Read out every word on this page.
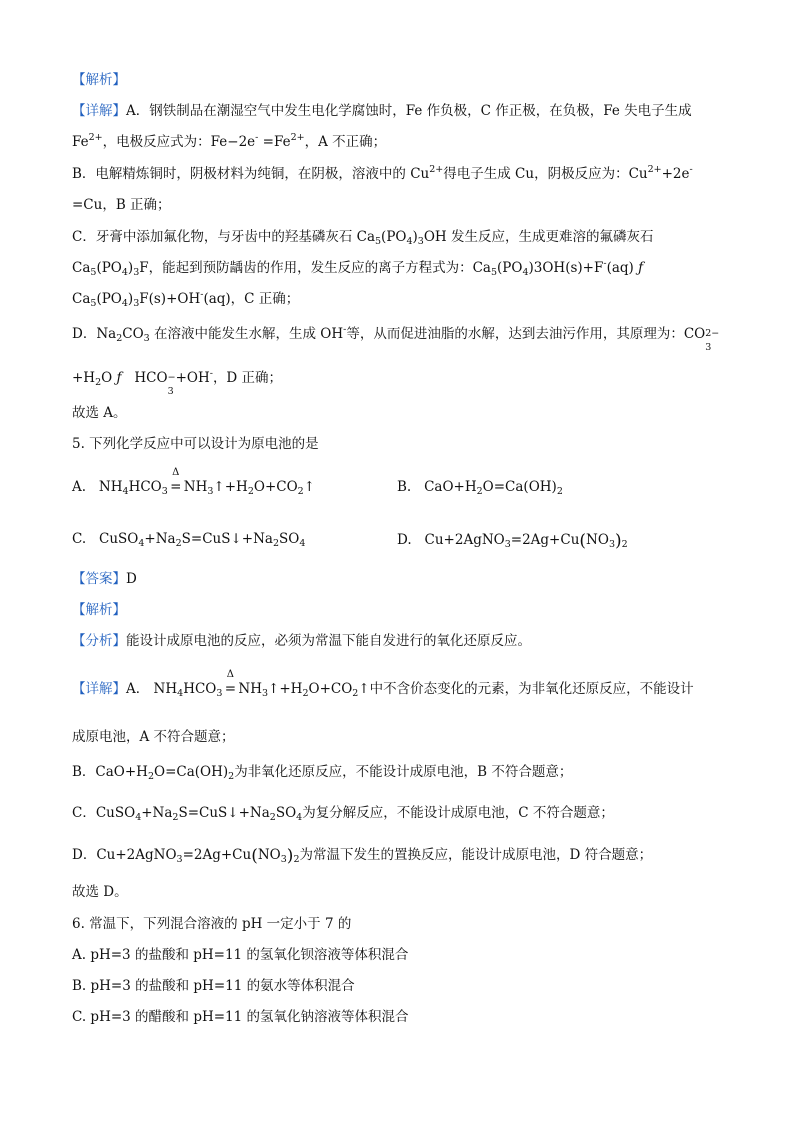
【解析】
【详解】A．钢铁制品在潮湿空气中发生电化学腐蚀时，Fe 作负极，C 作正极，在负极，Fe 失电子生成
$Fe^{2+}$，电极反应式为：$Fe-2e^- =Fe^{2+}$，A 不正确；
B．电解精炼铜时，阴极材料为纯铜，在阴极，溶液中的 $Cu^{2+}$得电子生成 Cu，阴极反应为：$Cu^{2+}+2e^-$
=Cu，B 正确；
C．牙膏中添加氟化物，与牙齿中的羟基磷灰石 $Ca_5(PO_4)_3OH$ 发生反应，生成更难溶的氟磷灰石
$Ca_5(PO_4)_3F$，能起到预防龋齿的作用，发生反应的离子方程式为：$Ca_5(PO_4)3OH(s)+F^-(aq)$ ƒ
$Ca_5(PO_4)_3F(s)+OH^-(aq)$，C 正确；
D．$Na_2CO_3$ 在溶液中能发生水解，生成 OH-等，从而促进油脂的水解，达到去油污作用，其原理为：CO 2−
3
$+H_2O$ ƒ HCO −
3
+OH-，D 正确；
故选 A。
5. 下列化学反应中可以设计为原电池的是
A.   $NH_4HCO_3$
Δ
= $NH_3↑+H_2O+CO_2↑$	B.   $CaO+H_2O=Ca(OH)_2$
C.   $CuSO_4+Na_2S=CuS↓+Na_2SO_4$	D.   $Cu+2AgNO_3=2Ag+Cu(NO_3)_2$
【答案】D
【解析】
【分析】能设计成原电池的反应，必须为常温下能自发进行的氧化还原反应。
【详解】A． $NH_4HCO_3$
Δ
= $NH_3↑+H_2O+CO_2↑$中不含价态变化的元素，为非氧化还原反应，不能设计
成原电池，A 不符合题意；
B．$CaO+H_2O=Ca(OH)_2$为非氧化还原反应，不能设计成原电池，B 不符合题意；
C．$CuSO_4+Na_2S=CuS↓+Na_2SO_4$为复分解反应，不能设计成原电池，C 不符合题意；
D．$Cu+2AgNO_3=2Ag+Cu(NO_3)_2$为常温下发生的置换反应，能设计成原电池，D 符合题意；
故选 D。
6. 常温下，下列混合溶液的 pH 一定小于 7 的
A. pH=3 的盐酸和 pH=11 的氢氧化钡溶液等体积混合
B. pH=3 的盐酸和 pH=11 的氨水等体积混合
C. pH=3 的醋酸和 pH=11 的氢氧化钠溶液等体积混合
